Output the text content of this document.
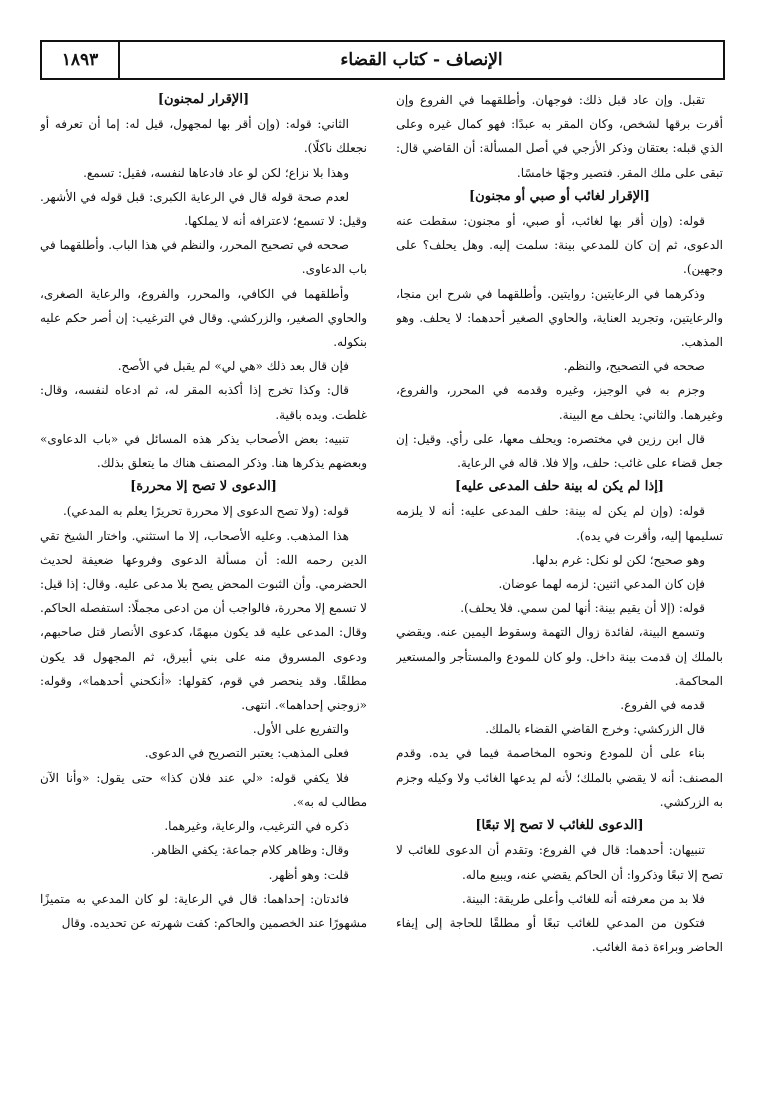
الإنصاف - كتاب القضاء
١٨٩٣

تقبل. وإن عاد قبل ذلك: فوجهان. وأطلقهما في الفروع وإن أقرت برقها لشخص، وكان المقر به عبدًا: فهو كمال غيره وعلى الذي قبله: بعتقان وذكر الأزجي في أصل المسألة: أن القاضي قال: تبقى على ملك المقر. فتصير وجهًا خامسًا.

[الإقرار لغائب أو صبي أو مجنون]

قوله: (وإن أقر بها لغائب، أو صبي، أو مجنون: سقطت عنه الدعوى، ثم إن كان للمدعي بينة: سلمت إليه. وهل يحلف؟ على وجهين).

وذكرهما في الرعايتين: روايتين. وأطلقهما في شرح ابن منجا، والرعايتين، وتجريد العناية، والحاوي الصغير أحدهما: لا يحلف. وهو المذهب.

صححه في التصحيح، والنظم.

وجزم به في الوجيز، وغيره وقدمه في المحرر، والفروع، وغيرهما. والثاني: يحلف مع البينة.

قال ابن رزين في مختصره: ويحلف معها، على رأي. وقيل: إن جعل قضاء على غائب: حلف، وإلا فلا. قاله في الرعاية.

[إذا لم يكن له بينة حلف المدعى عليه]

قوله: (وإن لم يكن له بينة: حلف المدعى عليه: أنه لا يلزمه تسليمها إليه، وأقرت في يده).

وهو صحيح؛ لكن لو نكل: غرم بدلها.

فإن كان المدعي اثنين: لزمه لهما عوضان.

قوله: (إلا أن يقيم بينة: أنها لمن سمي. فلا يحلف).

وتسمع البينة، لفائدة زوال التهمة وسقوط اليمين عنه. ويقضي بالملك إن قدمت بينة داخل. ولو كان للمودع والمستأجر والمستعير المحاكمة.

قدمه في الفروع.

قال الزركشي: وخرج القاضي القضاء بالملك.

بناء على أن للمودع ونحوه المخاصمة فيما في يده. وقدم المصنف: أنه لا يقضي بالملك؛ لأنه لم يدعها الغائب ولا وكيله وجزم به الزركشي.

[الدعوى للغائب لا تصح إلا تبعًا]

تنبيهان: أحدهما: قال في الفروع: وتقدم أن الدعوى للغائب لا تصح إلا تبعًا وذكروا: أن الحاكم يقضي عنه، ويبيع ماله.

فلا بد من معرفته أنه للغائب وأعلى طريقة: البينة.

فتكون من المدعي للغائب تبعًا أو مطلقًا للحاجة إلى إيفاء الحاضر وبراءة ذمة الغائب.

[الإقرار لمجنون]

الثاني: قوله: (وإن أقر بها لمجهول، قيل له: إما أن تعرفه أو نجعلك ناكلًا).

وهذا بلا نزاع؛ لكن لو عاد فادعاها لنفسه، فقيل: تسمع.

لعدم صحة قوله قال في الرعاية الكبرى: قبل قوله في الأشهر. وقيل: لا تسمع؛ لاعترافه أنه لا يملكها.

صححه في تصحيح المحرر، والنظم في هذا الباب. وأطلقهما في باب الدعاوى.

وأطلقهما في الكافي، والمحرر، والفروع، والرعاية الصغرى، والحاوي الصغير، والزركشي. وقال في الترغيب: إن أصر حكم عليه بنكوله.

فإن قال بعد ذلك «هي لي» لم يقبل في الأصح.

قال: وكذا تخرج إذا أكذبه المقر له، ثم ادعاه لنفسه، وقال: غلطت. ويده باقية.

تنبيه: بعض الأصحاب يذكر هذه المسائل في «باب الدعاوى» وبعضهم يذكرها هنا. وذكر المصنف هناك ما يتعلق بذلك.

[الدعوى لا تصح إلا محررة]

قوله: (ولا تصح الدعوى إلا محررة تحريرًا يعلم به المدعي).

هذا المذهب. وعليه الأصحاب، إلا ما استثني. واختار الشيخ تقي الدين رحمه الله: أن مسألة الدعوى وفروعها ضعيفة لحديث الحضرمي. وأن الثبوت المحض يصح بلا مدعى عليه. وقال: إذا قيل: لا تسمع إلا محررة، فالواجب أن من ادعى مجملًا: استفصله الحاكم. وقال: المدعى عليه قد يكون مبهمًا، كدعوى الأنصار قتل صاحبهم، ودعوى المسروق منه على بني أبيرق، ثم المجهول قد يكون مطلقًا. وقد ينحصر في قوم، كقولها: «أنكحني أحدهما»، وقوله: «زوجني إحداهما». انتهى.

والتفريع على الأول.

فعلى المذهب: يعتبر التصريح في الدعوى.

فلا يكفي قوله: «لي عند فلان كذا» حتى يقول: «وأنا الآن مطالب له به».

ذكره في الترغيب، والرعاية، وغيرهما.

وقال: وظاهر كلام جماعة: يكفي الظاهر.

قلت: وهو أظهر.

فائدتان: إحداهما: قال في الرعاية: لو كان المدعي به متميزًا مشهورًا عند الخصمين والحاكم: كفت شهرته عن تحديده. وقال
